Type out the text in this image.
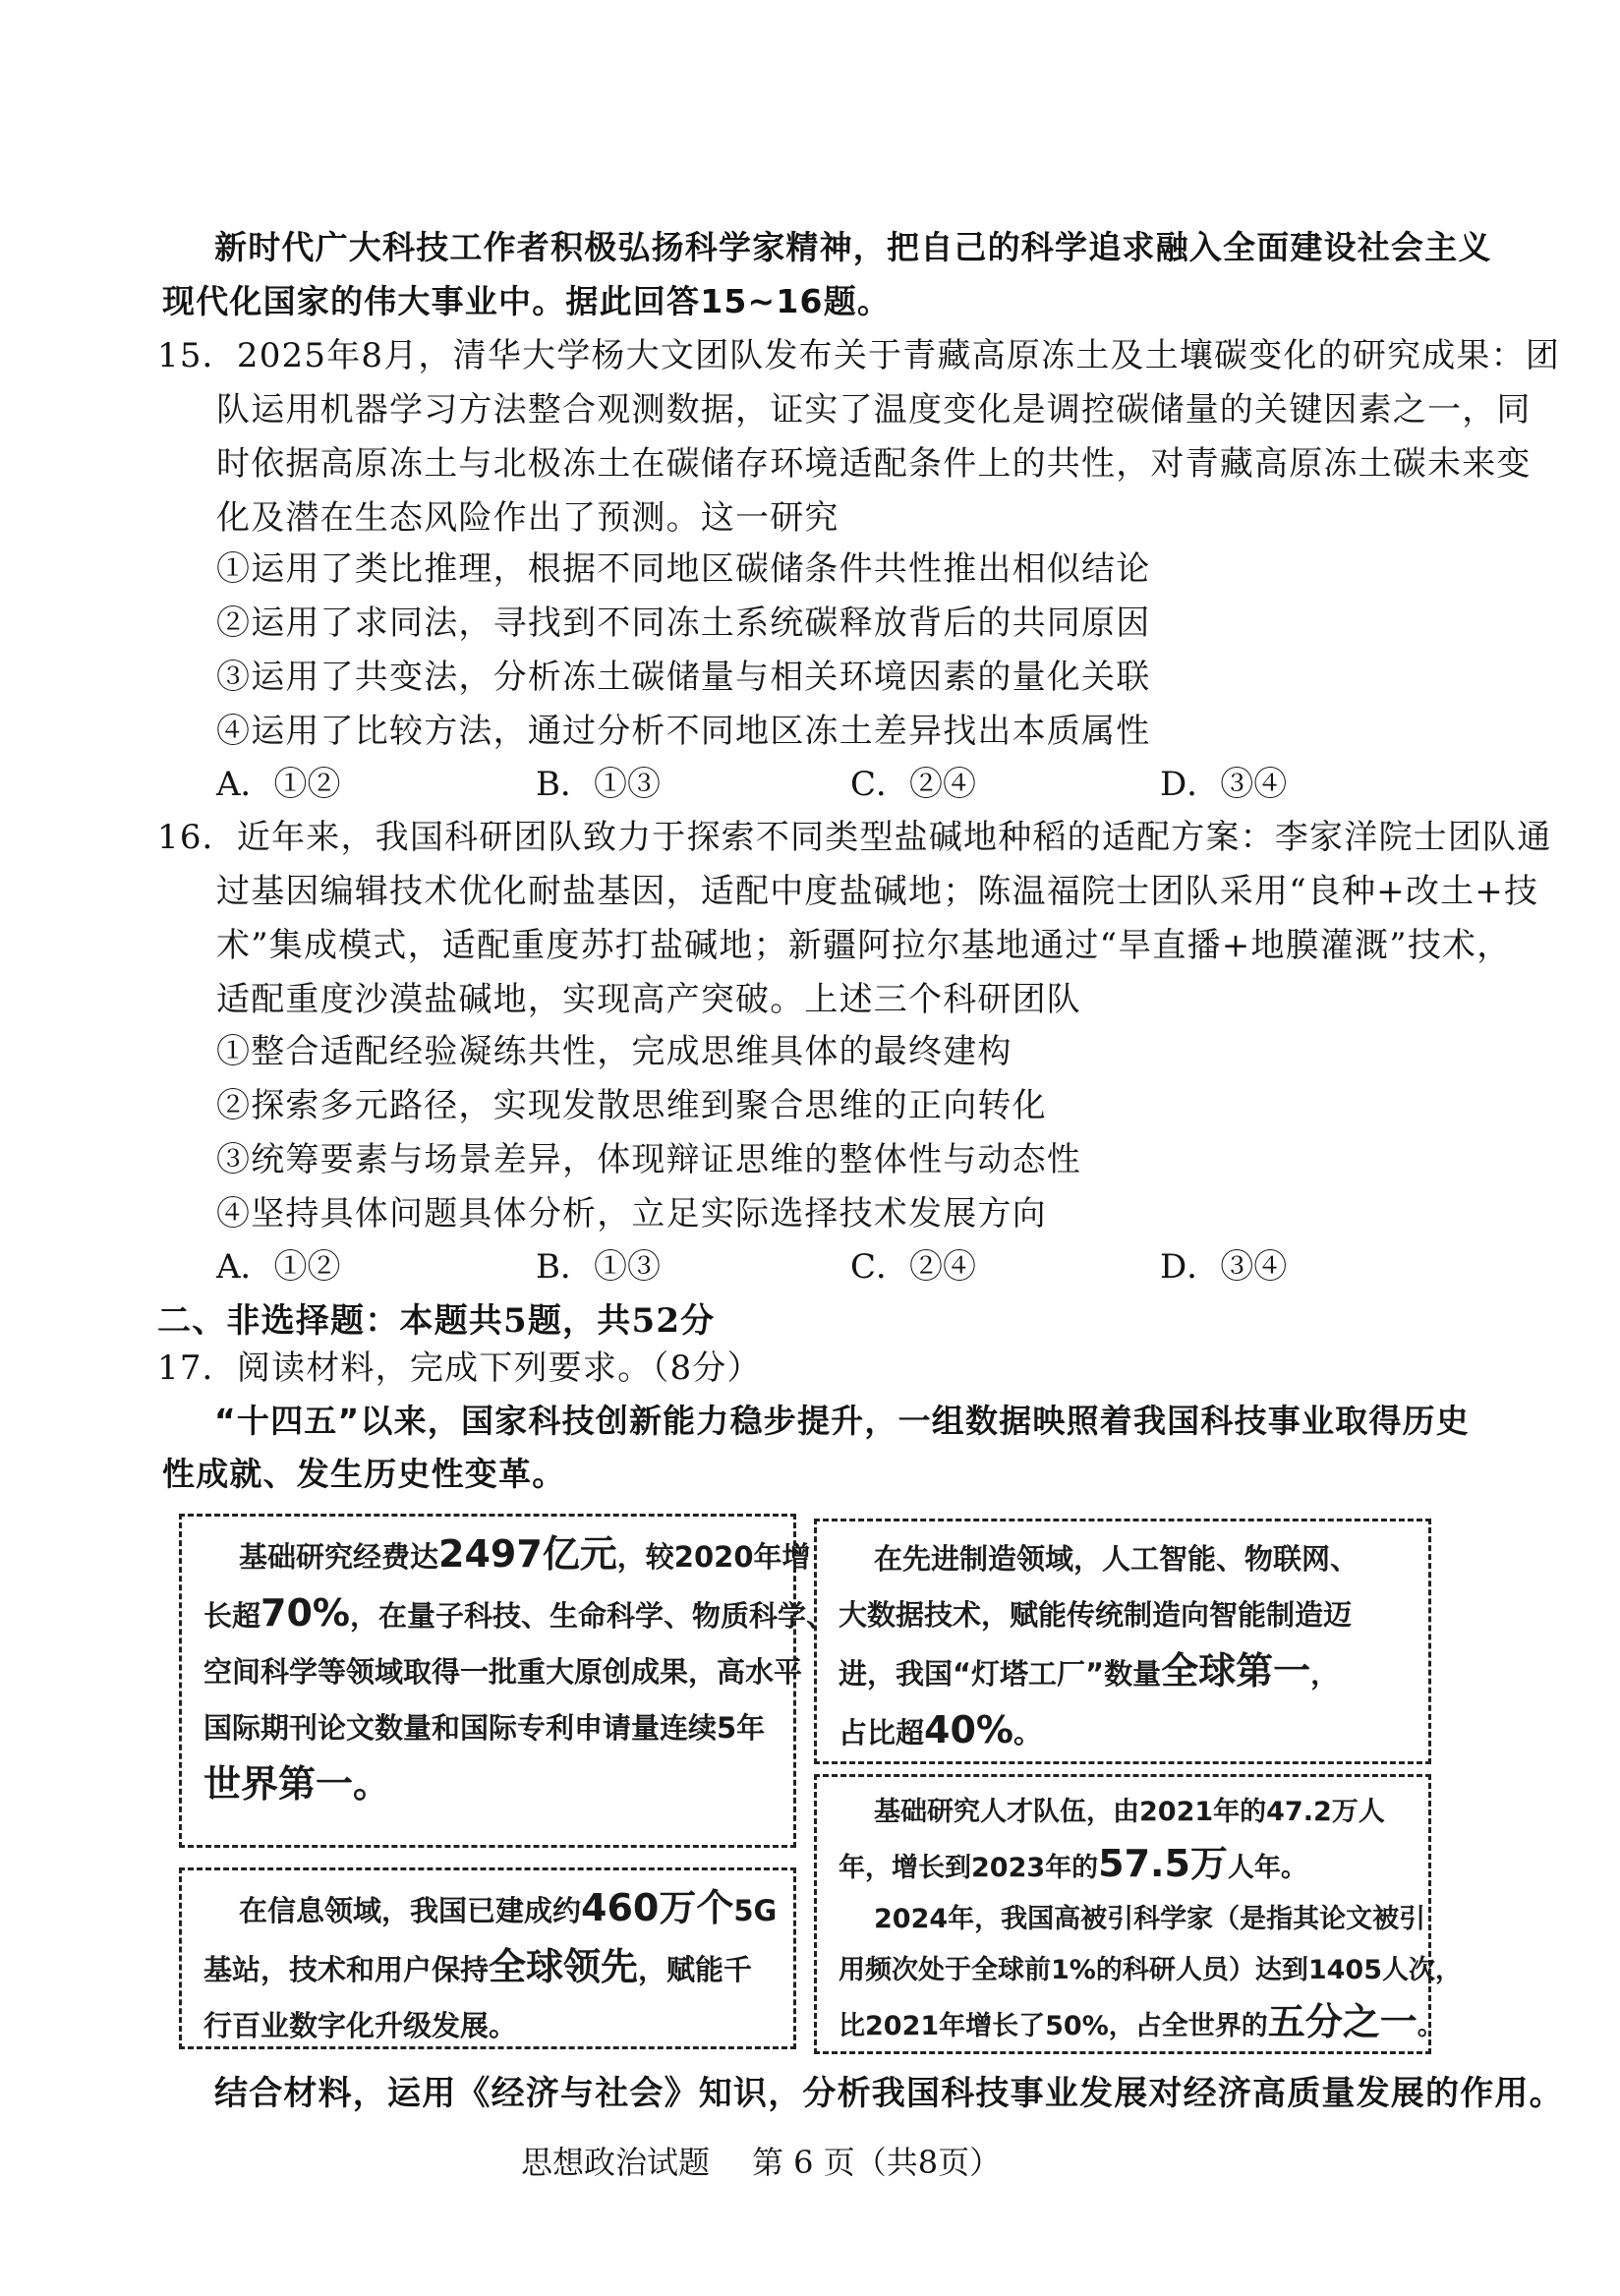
新时代广大科技工作者积极弘扬科学家精神，把自己的科学追求融入全面建设社会主义
现代化国家的伟大事业中。据此回答15~16题。
15．2025年8月，清华大学杨大文团队发布关于青藏高原冻土及土壤碳变化的研究成果：团
队运用机器学习方法整合观测数据，证实了温度变化是调控碳储量的关键因素之一，同
时依据高原冻土与北极冻土在碳储存环境适配条件上的共性，对青藏高原冻土碳未来变
化及潜在生态风险作出了预测。这一研究
①运用了类比推理，根据不同地区碳储条件共性推出相似结论
②运用了求同法，寻找到不同冻土系统碳释放背后的共同原因
③运用了共变法，分析冻土碳储量与相关环境因素的量化关联
④运用了比较方法，通过分析不同地区冻土差异找出本质属性
A．①②	B．①③	C．②④	D．③④
16．近年来，我国科研团队致力于探索不同类型盐碱地种稻的适配方案：李家洋院士团队通
过基因编辑技术优化耐盐基因，适配中度盐碱地；陈温福院士团队采用“良种+改土+技
术”集成模式，适配重度苏打盐碱地；新疆阿拉尔基地通过“旱直播+地膜灌溉”技术，
适配重度沙漠盐碱地，实现高产突破。上述三个科研团队
①整合适配经验凝练共性，完成思维具体的最终建构
②探索多元路径，实现发散思维到聚合思维的正向转化
③统筹要素与场景差异，体现辩证思维的整体性与动态性
④坚持具体问题具体分析，立足实际选择技术发展方向
A．①②	B．①③	C．②④	D．③④
二、非选择题：本题共5题，共52分
17．阅读材料，完成下列要求。（8分）
“十四五”以来，国家科技创新能力稳步提升，一组数据映照着我国科技事业取得历史
性成就、发生历史性变革。

基础研究经费达2497亿元，较2020年增

长超70%，在量子科技、生命科学、物质科学、

空间科学等领域取得一批重大原创成果，高水平

国际期刊论文数量和国际专利申请量连续5年

世界第一。

在信息领域，我国已建成约460万个5G

基站，技术和用户保持全球领先，赋能千

行百业数字化升级发展。

在先进制造领域，人工智能、物联网、

大数据技术，赋能传统制造向智能制造迈

进，我国“灯塔工厂”数量全球第一，

占比超40%。

基础研究人才队伍，由2021年的47.2万人

年，增长到2023年的57.5万人年。

2024年，我国高被引科学家（是指其论文被引

用频次处于全球前1%的科研人员）达到1405人次，

比2021年增长了50%，占全世界的五分之一。

结合材料，运用《经济与社会》知识，分析我国科技事业发展对经济高质量发展的作用。
思想政治试题 第 6 页（共8页）
